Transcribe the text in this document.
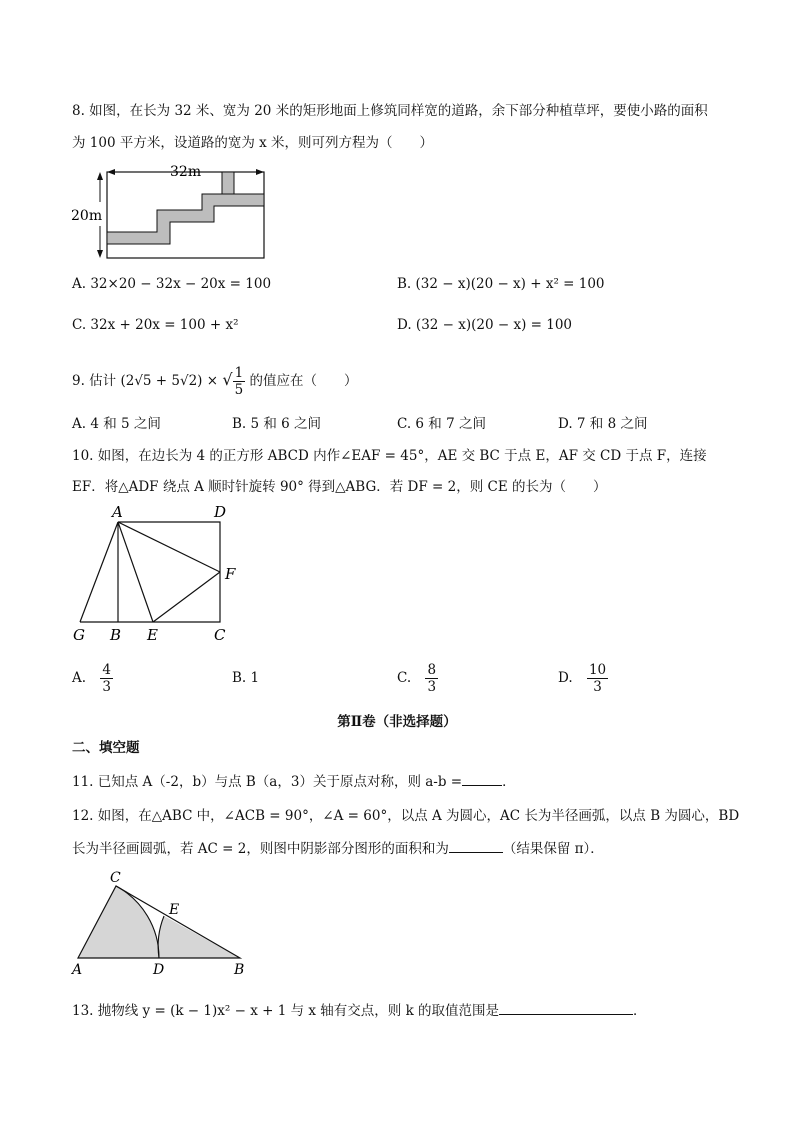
8. 如图，在长为 32 米、宽为 20 米的矩形地面上修筑同样宽的道路，余下部分种植草坪，要使小路的面积
为 100 平方米，设道路的宽为 x 米，则可列方程为（　　）
32m
20m
A. 32×20 − 32x − 20x = 100	B. (32 − x)(20 − x) + x² = 100
C. 32x + 20x = 100 + x²	D. (32 − x)(20 − x) = 100
9. 估计 (2√5 + 5√2) × √ $\frac{1}{5}$ 的值应在（　　）
A. 4 和 5 之间	B. 5 和 6 之间	C. 6 和 7 之间	D. 7 和 8 之间
10. 如图，在边长为 4 的正方形 ABCD 内作∠EAF = 45°，AE 交 BC 于点 E，AF 交 CD 于点 F，连接
EF．将△ADF 绕点 A 顺时针旋转 90° 得到△ABG．若 DF = 2，则 CE 的长为（　　）
A	D
F
G B E	C
A. $\frac{4}{3}$	B. 1	C. $\frac{8}{3}$	D. $\frac{10}{3}$
第Ⅱ卷（非选择题）
二、填空题
11. 已知点 A（-2，b）与点 B（a，3）关于原点对称，则 a-b =	．
12. 如图，在△ABC 中，∠ACB = 90°，∠A = 60°，以点 A 为圆心，AC 长为半径画弧，以点 B 为圆心，BD
长为半径画圆弧，若 AC = 2，则图中阴影部分图形的面积和为	（结果保留 π）．
C
E
A	D	B
13. 抛物线 y = (k − 1)x² − x + 1 与 x 轴有交点，则 k 的取值范围是	．
